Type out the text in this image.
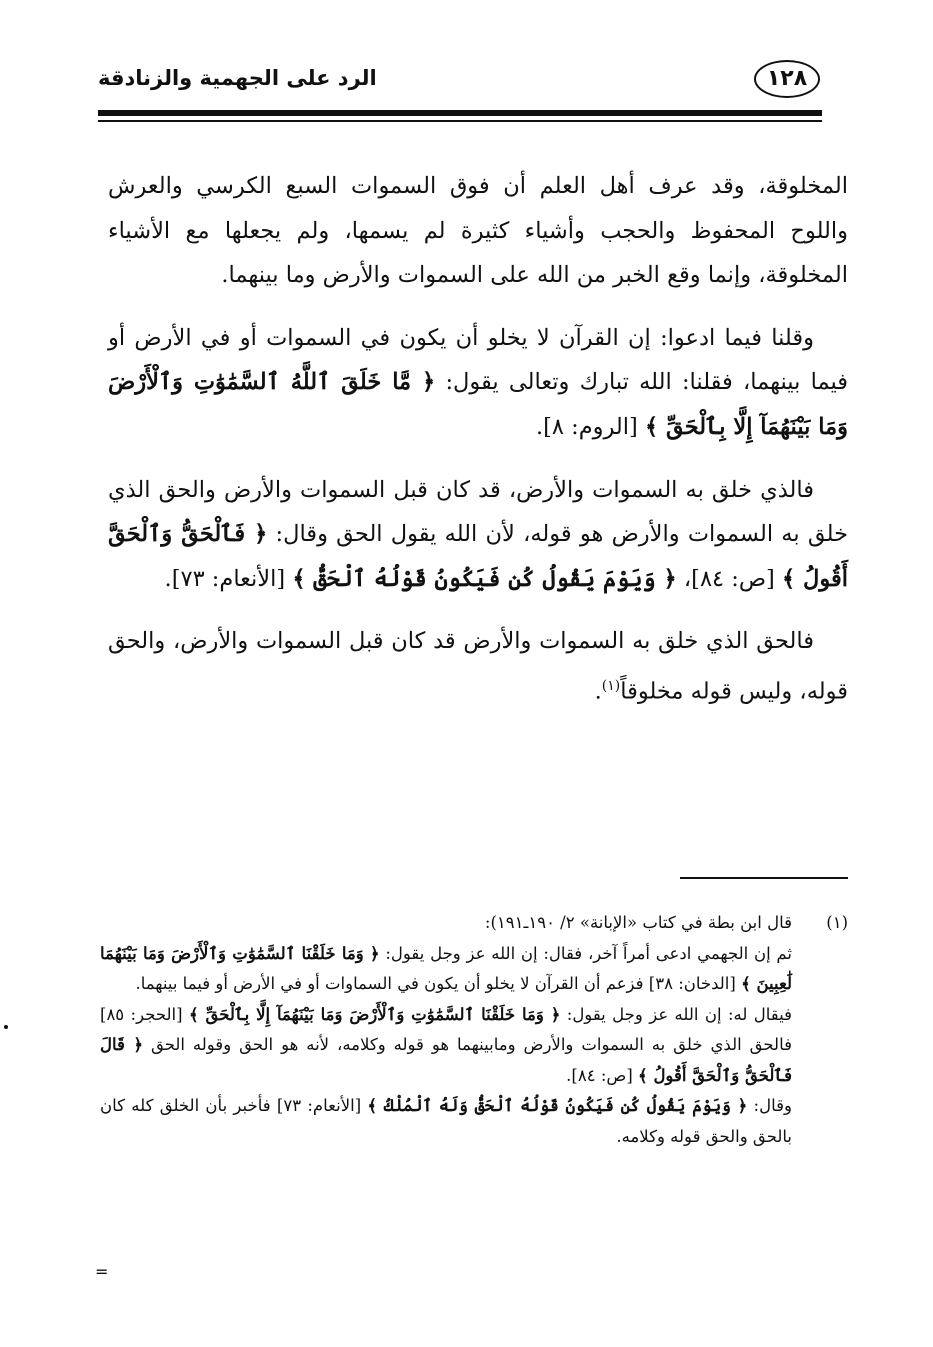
١٢٨
الرد على الجهمية والزنادقة

المخلوقة، وقد عرف أهل العلم أن فوق السموات السبع الكرسي والعرش واللوح المحفوظ والحجب وأشياء كثيرة لم يسمها، ولم يجعلها مع الأشياء المخلوقة، وإنما وقع الخبر من الله على السموات والأرض وما بينهما.

وقلنا فيما ادعوا: إن القرآن لا يخلو أن يكون في السموات أو في الأرض أو فيما بينهما، فقلنا: الله تبارك وتعالى يقول: ﴿ مَّا خَلَقَ ٱللَّهُ ٱلسَّمَٰوَٰتِ وَٱلْأَرْضَ وَمَا بَيْنَهُمَآ إِلَّا بِٱلْحَقِّ ﴾ [الروم: ٨].

فالذي خلق به السموات والأرض، قد كان قبل السموات والأرض والحق الذي خلق به السموات والأرض هو قوله، لأن الله يقول الحق وقال: ﴿ فَٱلْحَقُّ وَٱلْحَقَّ أَقُولُ ﴾ [ص: ٨٤]، ﴿ وَيَوْمَ يَقُولُ كُن فَيَكُونُ قَوْلُهُ ٱلْحَقُّ ﴾ [الأنعام: ٧٣].

فالحق الذي خلق به السموات والأرض قد كان قبل السموات والأرض، والحق قوله، وليس قوله مخلوقاً$^{(١)}$.

(١)
قال ابن بطة في كتاب «الإبانة» ٢/ ١٩٠ـ١٩١):

ثم إن الجهمي ادعى أمراً آخر، فقال: إن الله عز وجل يقول: ﴿ وَمَا خَلَقْنَا ٱلسَّمَٰوَٰتِ وَٱلْأَرْضَ وَمَا بَيْنَهُمَا لَٰعِبِينَ ﴾ [الدخان: ٣٨] فزعم أن القرآن لا يخلو أن يكون في السماوات أو في الأرض أو فيما بينهما.

فيقال له: إن الله عز وجل يقول: ﴿ وَمَا خَلَقْنَا ٱلسَّمَٰوَٰتِ وَٱلْأَرْضَ وَمَا بَيْنَهُمَآ إِلَّا بِٱلْحَقِّ ﴾ [الحجر: ٨٥] فالحق الذي خلق به السموات والأرض ومابينهما هو قوله وكلامه، لأنه هو الحق وقوله الحق ﴿ قَالَ فَٱلْحَقُّ وَٱلْحَقَّ أَقُولُ ﴾ [ص: ٨٤].

وقال: ﴿ وَيَوْمَ يَقُولُ كُن فَيَكُونُ قَوْلُهُ ٱلْحَقُّ وَلَهُ ٱلْمُلْكُ ﴾ [الأنعام: ٧٣] فأخبر بأن الخلق كله كان بالحق والحق قوله وكلامه.

=
